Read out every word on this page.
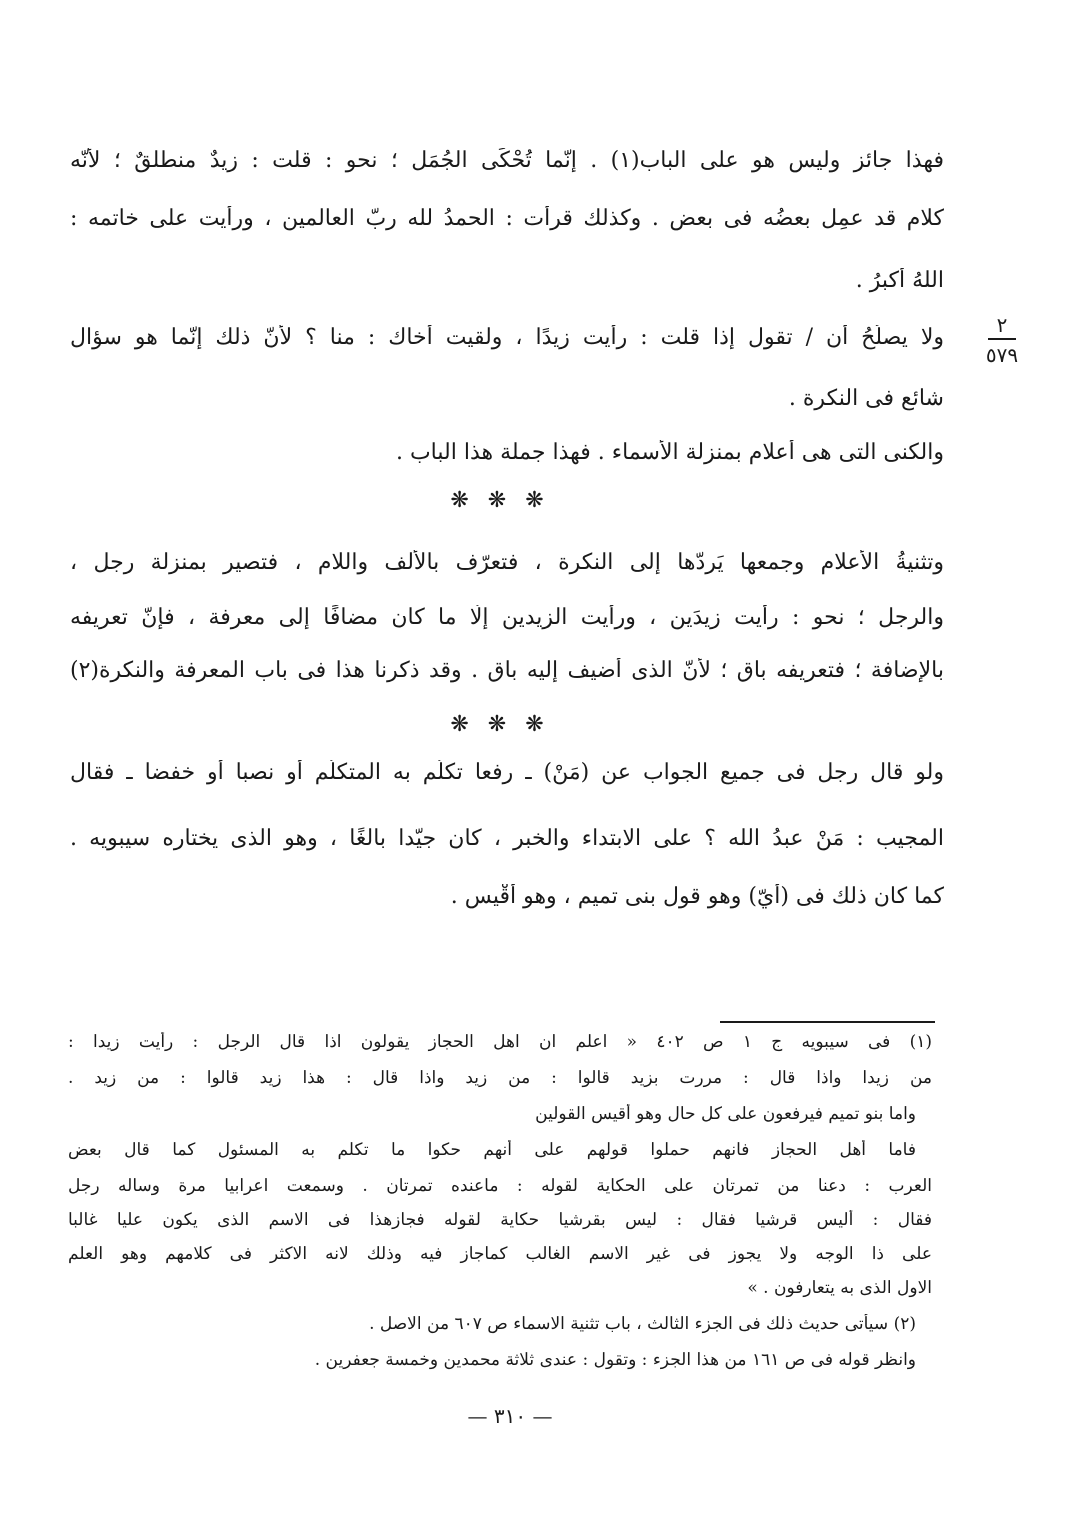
٢
٥٧٩
فهذا جائز وليس هو على الباب(١) . إنّما تُحْكَى الجُمَل ؛ نحو : قلت : زيدٌ منطلقٌ ؛ لأنّه
كلام قد عمِل بعضُه فى بعض . وكذلك قرأت : الحمدُ لله ربّ العالمين ، ورأيت على خاتمه :
اللهُ أكبرُ .
ولا يصلُحُ أن / تقول إذا قلت : رأيت زيدًا ، ولقيت أخاك : منا ؟ لأنّ ذلك إنّما هو سؤال
شائع فى النكرة .
والكنى التى هى أعلام بمنزلة الأسماء . فهذا جملة هذا الباب .
❋ ❋ ❋
وتثنيةُ الأعلام وجمعها يَردّها إلى النكرة ، فتعرّف بالألف واللام ، فتصير بمنزلة رجل ،
والرجل ؛ نحو : رأيت زيدَين ، ورأيت الزيدين إلّا ما كان مضافًا إلى معرفة ، فإنّ تعريفه
بالإضافة ؛ فتعريفه باق ؛ لأنّ الذى أضيف إليه باقٍ . وقد ذكرنا هذا فى باب المعرفة والنكرة(٢)
❋ ❋ ❋
ولو قال رجل فى جميع الجواب عن (مَنْ) ـ رفعا تكلّم به المتكلّم أو نصبا أو خفضا ـ فقال
المجيب : مَنْ عبدُ الله ؟ على الابتداء والخبر ، كان جيّدا بالغًا ، وهو الذى يختاره سيبويه .
كما كان ذلك فى (أيّ) وهو قول بنى تميم ، وهو أقْيس .
(١) فى سيبويه ج ١ ص ٤٠٢ « اعلم ان اهل الحجاز يقولون اذا قال الرجل : رأيت زيدا :
من زيدا واذا قال : مررت بزيد قالوا : من زيد واذا قال : هذا زيد قالوا : من زيد .
واما بنو تميم فيرفعون على كل حال وهو أقيس القولين
فاما أهل الحجاز فانهم حملوا قولهم على أنهم حكوا ما تكلم به المسئول كما قال بعض
العرب : دعنا من تمرتان على الحكاية لقوله : ماعنده تمرتان . وسمعت اعرابيا مرة وساله رجل
فقال : أليس قرشيا فقال : ليس بقرشيا حكاية لقوله فجازهذا فى الاسم الذى يكون عليا غالبا
على ذا الوجه ولا يجوز فى غير الاسم الغالب كماجاز فيه وذلك لانه الاكثر فى كلامهم وهو العلم
الاول الذى به يتعارفون . »
(٢) سيأتى حديث ذلك فى الجزء الثالث ، باب تثنية الاسماء ص ٦٠٧ من الاصل .
وانظر قوله فى ص ١٦١ من هذا الجزء : وتقول : عندى ثلاثة محمدين وخمسة جعفرين .
— ٣١٠ —
